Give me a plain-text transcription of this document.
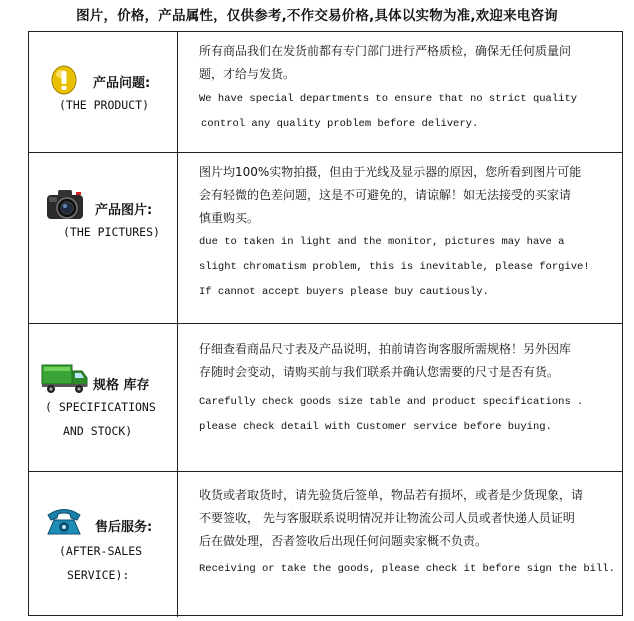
图片，价格，产品属性，仅供参考,不作交易价格,具体以实物为准,欢迎来电咨询
产品问题:
(THE PRODUCT)

所有商品我们在发货前都有专门部门进行严格质检，确保无任何质量问

题，才给与发货。

We have special departments to ensure that no strict quality

control any quality problem before delivery.

产品图片:
(THE PICTURES)

图片均100%实物拍摄，但由于光线及显示器的原因，您所看到图片可能

会有轻微的色差问题，这是不可避免的，请谅解！如无法接受的买家请

慎重购买。

due to taken in light and the monitor, pictures may have a

slight chromatism problem, this is inevitable, please forgive!

If cannot accept buyers please buy cautiously.

规格 库存
( SPECIFICATIONS
AND STOCK)

仔细查看商品尺寸表及产品说明，拍前请咨询客服所需规格！另外因库

存随时会变动，请购买前与我们联系并确认您需要的尺寸是否有货。

Carefully check goods size table and product specifications .

please check detail with Customer service before buying.

售后服务:
(AFTER-SALES
SERVICE):

收货或者取货时，请先验货后签单，物品若有损坏，或者是少货现象，请

不要签收， 先与客服联系说明情况并让物流公司人员或者快递人员证明

后在做处理，否者签收后出现任何问题卖家概不负责。

Receiving or take the goods, please check it before sign the bill.
